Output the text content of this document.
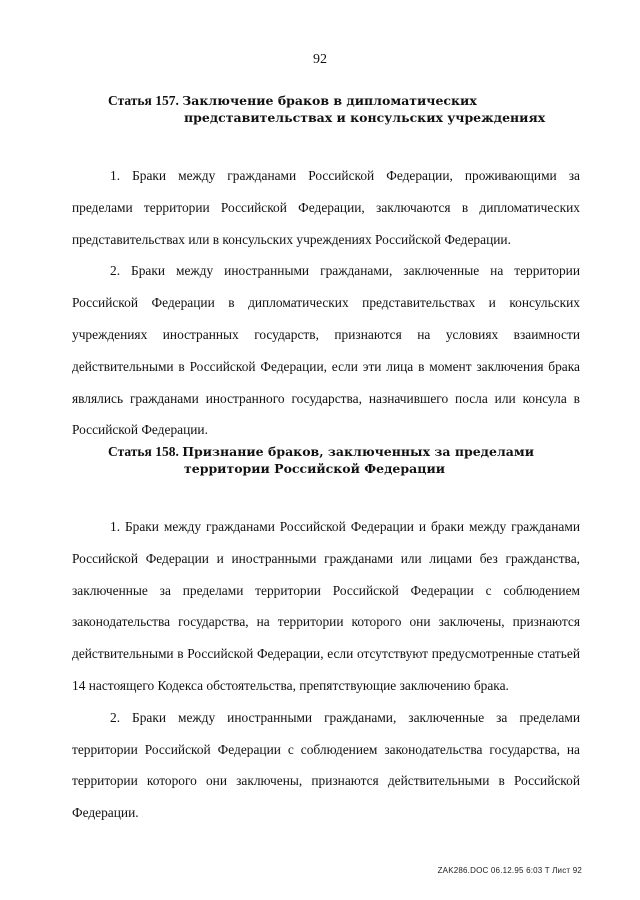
92
Статья 157. Заключение браков в дипломатических
представительствах и консульских учреждениях

1. Браки между гражданами Российской Федерации, проживающими за пределами территории Российской Федерации, заключаются в дипломатических представительствах или в консульских учреждениях Российской Федерации.

2. Браки между иностранными гражданами, заключенные на территории Российской Федерации в дипломатических представительствах и консульских учреждениях иностранных государств, признаются на условиях взаимности действительными в Российской Федерации, если эти лица в момент заключения брака являлись гражданами иностранного государства, назначившего посла или консула в Российской Федерации.

Статья 158. Признание браков, заключенных за пределами
территории Российской Федерации

1. Браки между гражданами Российской Федерации и браки между гражданами Российской Федерации и иностранными гражданами или лицами без гражданства, заключенные за пределами территории Российской Федерации с соблюдением законодательства государства, на территории которого они заключены, признаются действительными в Российской Федерации, если отсутствуют предусмотренные статьей 14 настоящего Кодекса обстоятельства, препятствующие заключению брака.

2. Браки между иностранными гражданами, заключенные за пределами территории Российской Федерации с соблюдением законодательства государства, на территории которого они заключены, признаются действительными в Российской Федерации.

ZAK286.DOC 06.12.95 6:03 T Лист 92
